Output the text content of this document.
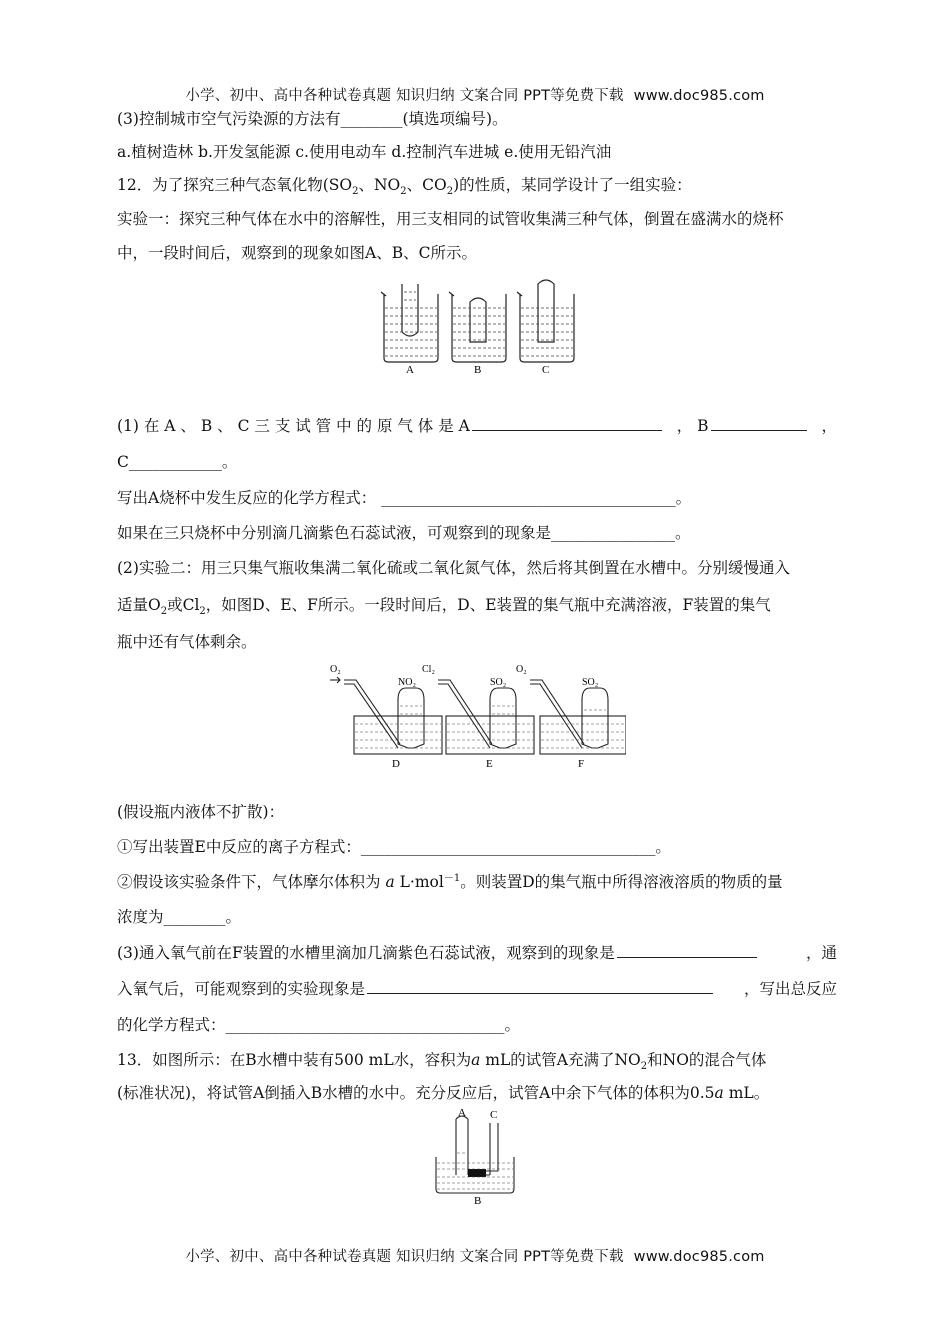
小学、初中、高中各种试卷真题 知识归纳 文案合同 PPT等免费下载 www.doc985.com
(3)控制城市空气污染源的方法有________(填选项编号)。
a.植树造林 b.开发氢能源 c.使用电动车 d.控制汽车进城 e.使用无铅汽油
12．为了探究三种气态氧化物($SO_2$、$NO_2$、$CO_2$)的性质，某同学设计了一组实验：
实验一：探究三种气体在水中的溶解性，用三支相同的试管收集满三种气体，倒置在盛满水的烧杯
中，一段时间后，观察到的现象如图A、B、C所示。
A	B	C
(1) 在 A 、 B 、 C 三 支 试 管 中 的 原 气 体 是 A	， B	，
C____________。
写出A烧杯中发生反应的化学方程式： ______________________________________。
如果在三只烧杯中分别滴几滴紫色石蕊试液，可观察到的现象是________________。
(2)实验二：用三只集气瓶收集满二氧化硫或二氧化氮气体，然后将其倒置在水槽中。分别缓慢通入
适量$O_2$或$Cl_2$，如图D、E、F所示。一段时间后，D、E装置的集气瓶中充满溶液，F装置的集气
瓶中还有气体剩余。
O₂	Cl₂	O₂
NO₂	SO₂	SO₂
D	E	F
(假设瓶内液体不扩散)：
①写出装置E中反应的离子方程式：______________________________________。
②假设该实验条件下，气体摩尔体积为 a L·mol$^{-1}$。则装置D的集气瓶中所得溶液溶质的物质的量
浓度为________。
(3)通入氧气前在F装置的水槽里滴加几滴紫色石蕊试液，观察到的现象是	，通
入氧气后，可能观察到的实验现象是	，写出总反应
的化学方程式：____________________________________。
13．如图所示：在B水槽中装有500 mL水，容积为a mL的试管A充满了$NO_2$和NO的混合气体
(标准状况)，将试管A倒插入B水槽的水中。充分反应后，试管A中余下气体的体积为0.5a mL。
A C
B
小学、初中、高中各种试卷真题 知识归纳 文案合同 PPT等免费下载 www.doc985.com
